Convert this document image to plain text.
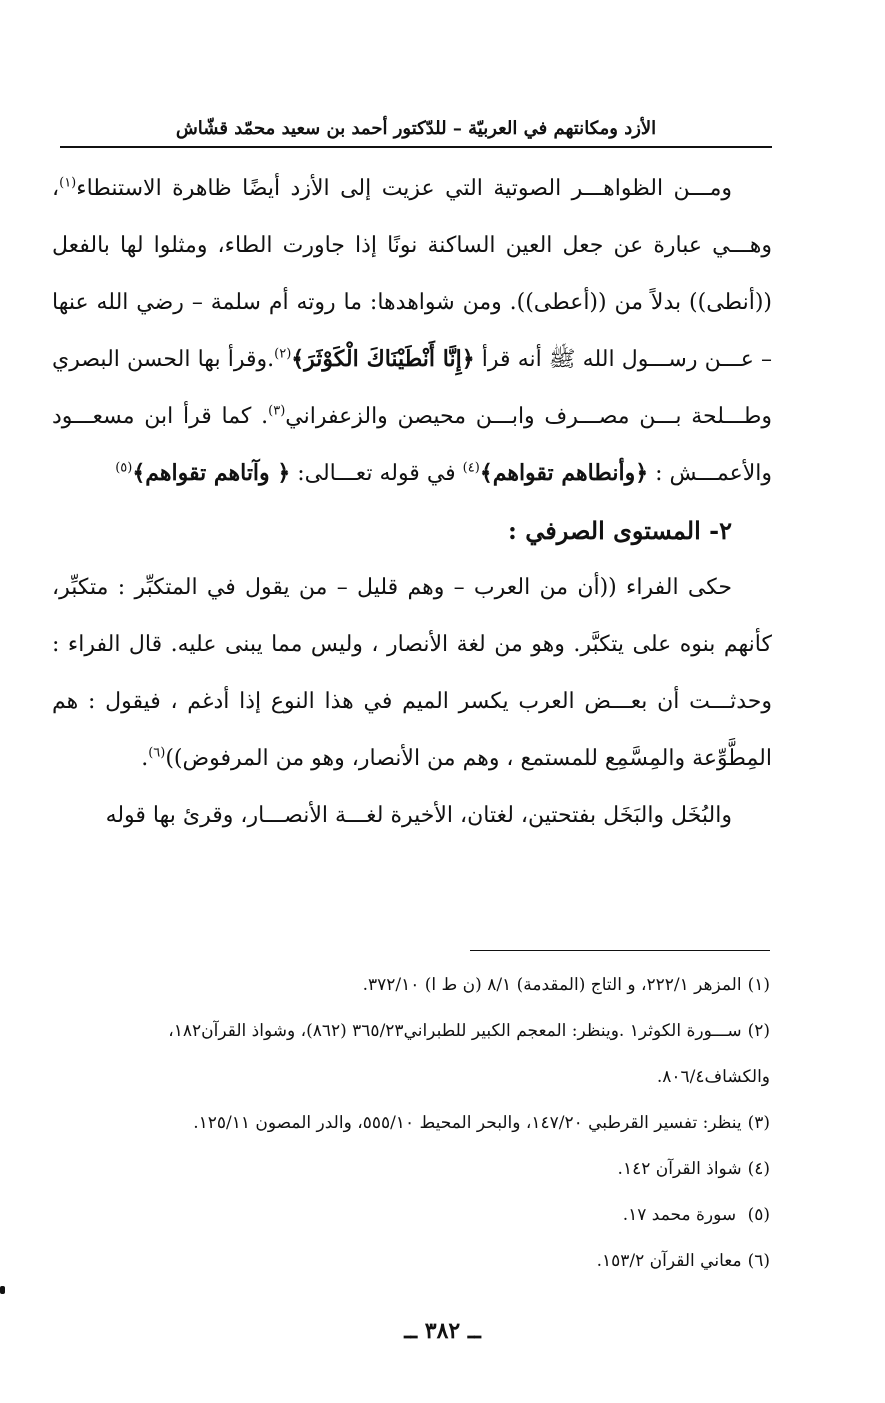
الأزد ومكانتهم في العربيّة – للدّكتور أحمد بن سعيد محمّد قشّاش

ومـــن الظواهـــر الصوتية التي عزيت إلى الأزد أيضًا ظاهرة الاستنطاء$^{(١)}$، وهـــي عبارة عن جعل العين الساكنة نونًا إذا جاورت الطاء، ومثلوا لها بالفعل ((أنطى)) بدلاً من ((أعطى)). ومن شواهدها: ما روته أم سلمة – رضي الله عنها – عـــن رســـول الله ﷺ أنه قرأ ﴿إِنَّا أَنْطَيْنَاكَ الْكَوْثَرَ﴾$^{(٢)}$.وقرأ بها الحسن البصري وطـــلحة بـــن مصـــرف وابـــن محيصن والزعفراني$^{(٣)}$. كما قرأ ابن مسعـــود والأعمـــش : ﴿وأنطاهم تقواهم﴾$^{(٤)}$ في قوله تعـــالى: ﴿ وآتاهم تقواهم﴾$^{(٥)}$

٢- المستوى الصرفي :

حكى الفراء ((أن من العرب – وهم قليل – من يقول في المتكبِّر : متكبِّر، كأنهم بنوه على يتكبَّر. وهو من لغة الأنصار ، وليس مما يبنى عليه. قال الفراء : وحدثـــت أن بعـــض العرب يكسر الميم في هذا النوع إذا أدغم ، فيقول : هم المِطَّوِّعة والمِسَّمِع للمستمع ، وهم من الأنصار، وهو من المرفوض))$^{(٦)}$.

والبُخَل والبَخَل بفتحتين، لغتان، الأخيرة لغـــة الأنصـــار، وقرئ بها قوله

(١)المزهر ٢٢٢/١، و التاج (المقدمة) ٨/١ (ن ط ا) ٣٧٢/١٠.

(٢)ســـورة الكوثر١ .وينظر: المعجم الكبير للطبراني٣٦٥/٢٣ (٨٦٢)، وشواذ القرآن١٨٢،
والكشاف٨٠٦/٤.

(٣)ينظر: تفسير القرطبي ١٤٧/٢٠، والبحر المحيط ٥٥٥/١٠، والدر المصون ١٢٥/١١.

(٤)شواذ القرآن ١٤٢.

(٥) سورة محمد ١٧.

(٦)معاني القرآن ١٥٣/٢.

ــ ٣٨٢ ــ
